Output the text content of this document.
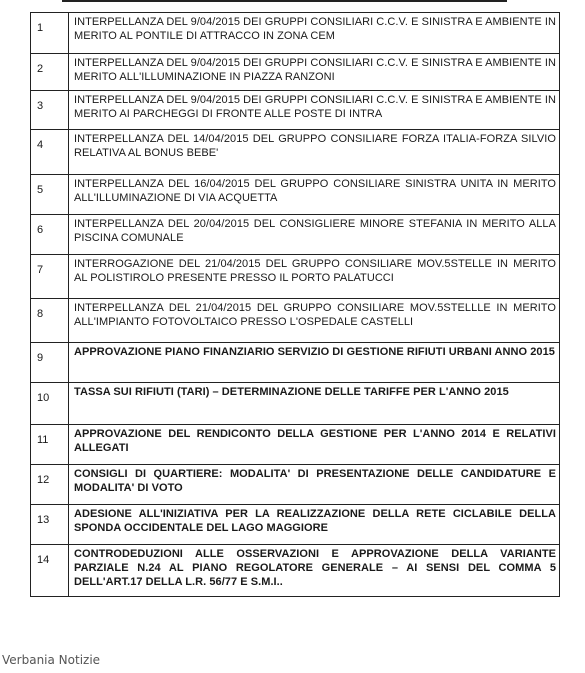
1	INTERPELLANZA DEL 9/04/2015 DEI GRUPPI CONSILIARI C.C.V. E SINISTRA E AMBIENTE IN MERITO AL PONTILE DI ATTRACCO IN ZONA CEM
2	INTERPELLANZA DEL 9/04/2015 DEI GRUPPI CONSILIARI C.C.V. E SINISTRA E AMBIENTE IN MERITO ALL'ILLUMINAZIONE IN PIAZZA RANZONI
3	INTERPELLANZA DEL 9/04/2015 DEI GRUPPI CONSILIARI C.C.V. E SINISTRA E AMBIENTE IN MERITO AI PARCHEGGI DI FRONTE ALLE POSTE DI INTRA
4	INTERPELLANZA DEL 14/04/2015 DEL GRUPPO CONSILIARE FORZA ITALIA-FORZA SILVIO RELATIVA AL BONUS BEBE'
5	INTERPELLANZA DEL 16/04/2015 DEL GRUPPO CONSILIARE SINISTRA UNITA IN MERITO ALL'ILLUMINAZIONE DI VIA ACQUETTA
6	INTERPELLANZA DEL 20/04/2015 DEL CONSIGLIERE MINORE STEFANIA IN MERITO ALLA PISCINA COMUNALE
7	INTERROGAZIONE DEL 21/04/2015 DEL GRUPPO CONSILIARE MOV.5STELLE IN MERITO AL POLISTIROLO PRESENTE PRESSO IL PORTO PALATUCCI
8	INTERPELLANZA DEL 21/04/2015 DEL GRUPPO CONSILIARE MOV.5STELLLE IN MERITO ALL'IMPIANTO FOTOVOLTAICO PRESSO L'OSPEDALE CASTELLI
9	APPROVAZIONE PIANO FINANZIARIO SERVIZIO DI GESTIONE RIFIUTI URBANI ANNO 2015
10	TASSA SUI RIFIUTI (TARI) – DETERMINAZIONE DELLE TARIFFE PER L'ANNO 2015
11	APPROVAZIONE DEL RENDICONTO DELLA GESTIONE PER L'ANNO 2014 E RELATIVI ALLEGATI
12	CONSIGLI DI QUARTIERE: MODALITA' DI PRESENTAZIONE DELLE CANDIDATURE E MODALITA' DI VOTO
13	ADESIONE ALL'INIZIATIVA PER LA REALIZZAZIONE DELLA RETE CICLABILE DELLA SPONDA OCCIDENTALE DEL LAGO MAGGIORE
14	CONTRODEDUZIONI ALLE OSSERVAZIONI E APPROVAZIONE DELLA VARIANTE PARZIALE N.24 AL PIANO REGOLATORE GENERALE – AI SENSI DEL COMMA 5 DELL'ART.17 DELLA L.R. 56/77 E S.M.I..
Verbania Notizie
